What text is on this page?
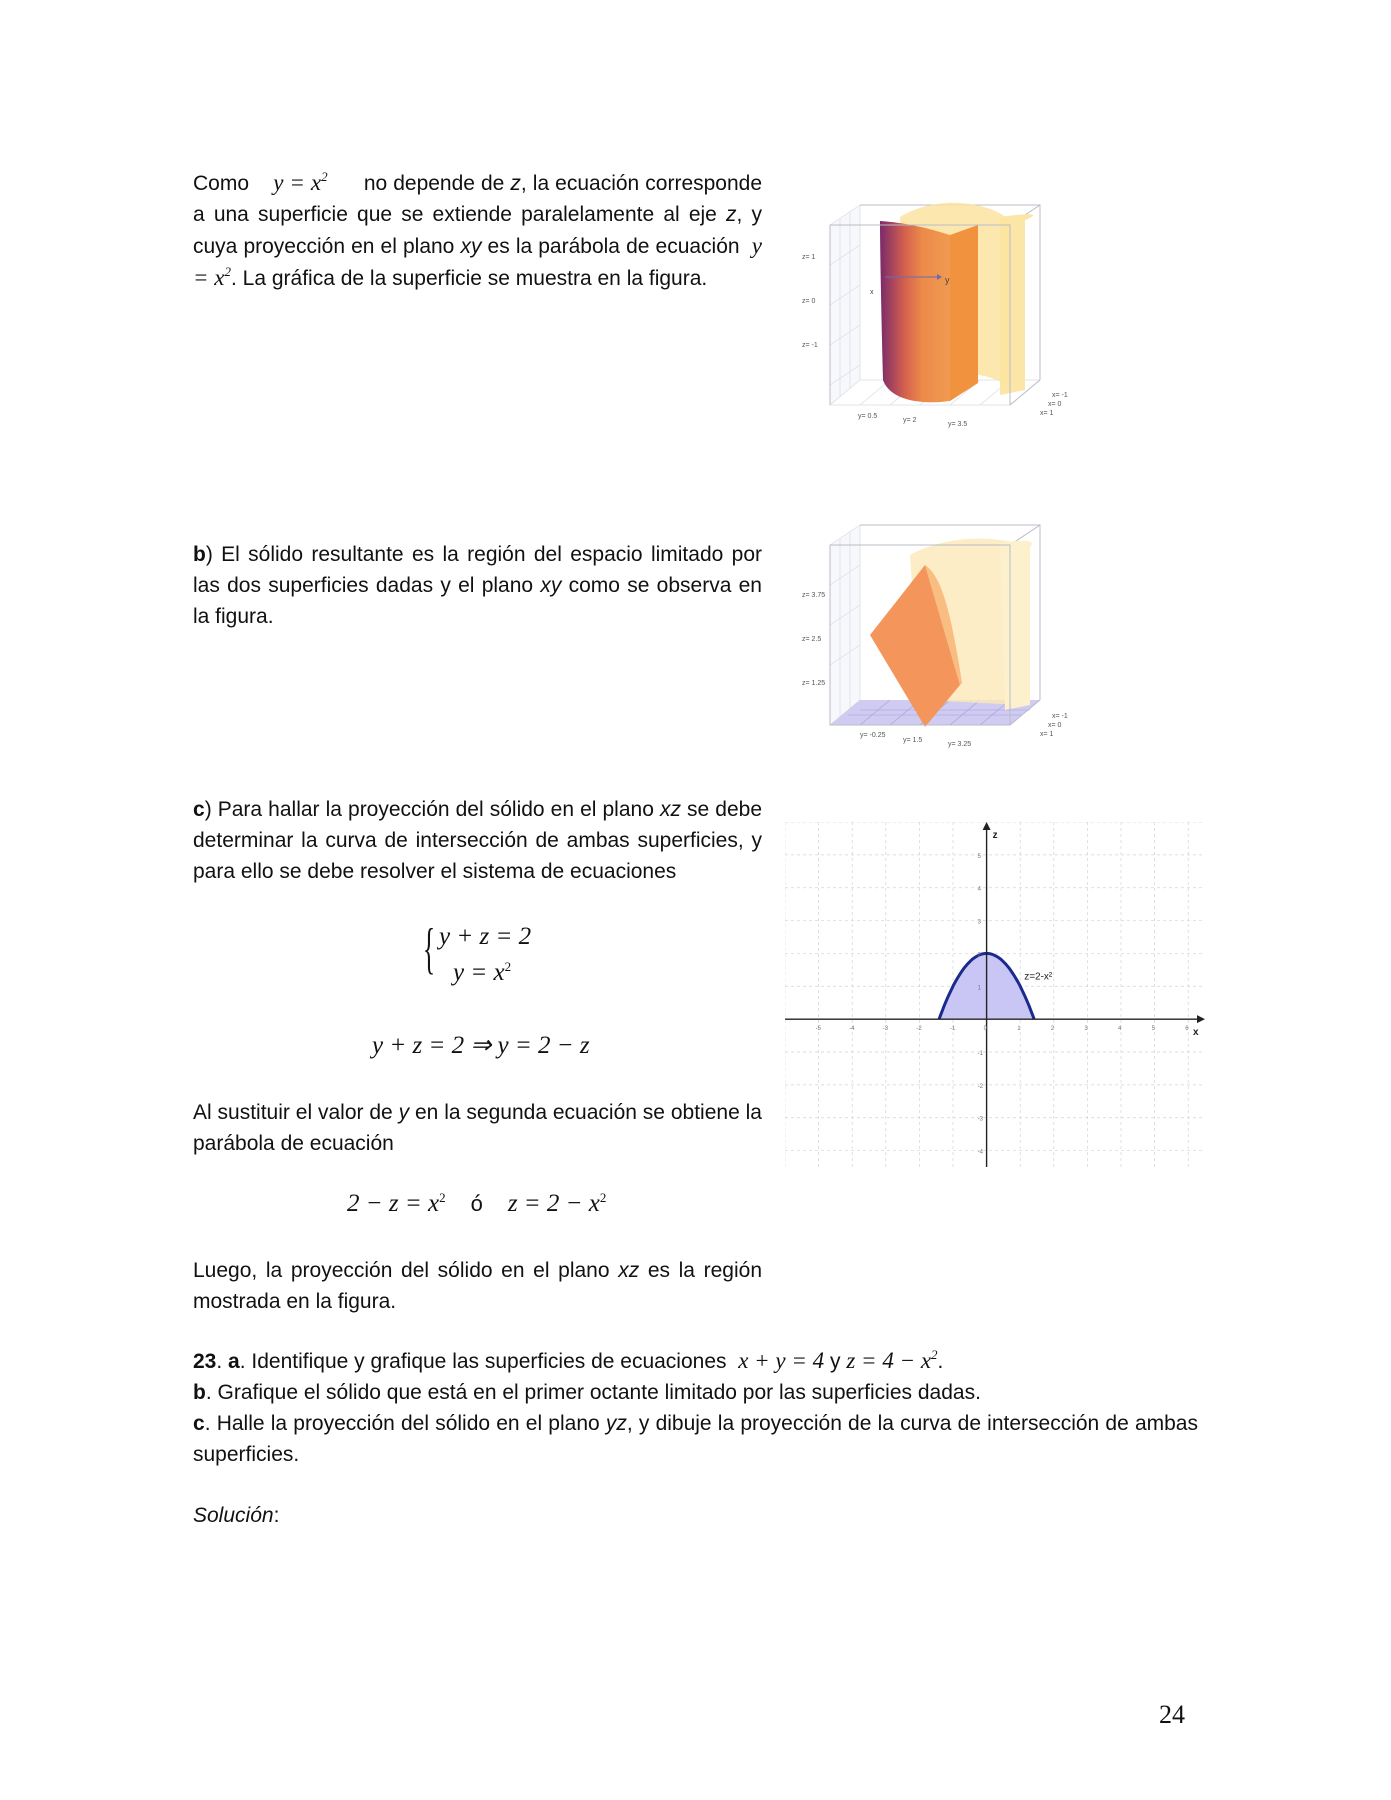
Como $y = x^2$ no depende de z, la ecuación corresponde a una superficie que se extiende paralelamente al eje z, y cuya proyección en el plano xy es la parábola de ecuación $y = x^2$. La gráfica de la superficie se muestra en la figura.	y
x
z= 1
z= 0
z= -1
y= 0.5
y= 2
y= 3.5
x= -1
x= 0
x= 1
b) El sólido resultante es la región del espacio limitado por las dos superficies dadas y el plano xy como se observa en la figura.
z= 3.75
z= 2.5
z= 1.25
y= -0.25
y= 1.5
y= 3.25
x= -1
x= 0
x= 1
c) Para hallar la proyección del sólido en el plano xz se debe determinar la curva de intersección de ambas superficies, y para ello se debe resolver el sistema de ecuaciones
{ y + z = 2
$y = x^2$
y + z = 2 ⇒ y = 2 − z
Al sustituir el valor de y en la segunda ecuación se obtiene la parábola de ecuación
$2 - z = x^2$ ó $z = 2 - x^2$
Luego, la proyección del sólido en el plano xz es la región mostrada en la figura.
-5	-4	-3	-2	-1	0	1	2	3	4	5	6
5
4
3
2
1
-1
-2
-3
-4
x
z
z=2-x²
23. a. Identifique y grafique las superficies de ecuaciones x + y = 4 y $z = 4 - x^2$.
b. Grafique el sólido que está en el primer octante limitado por las superficies dadas.
c. Halle la proyección del sólido en el plano yz, y dibuje la proyección de la curva de intersección de ambas superficies.
Solución:
24
